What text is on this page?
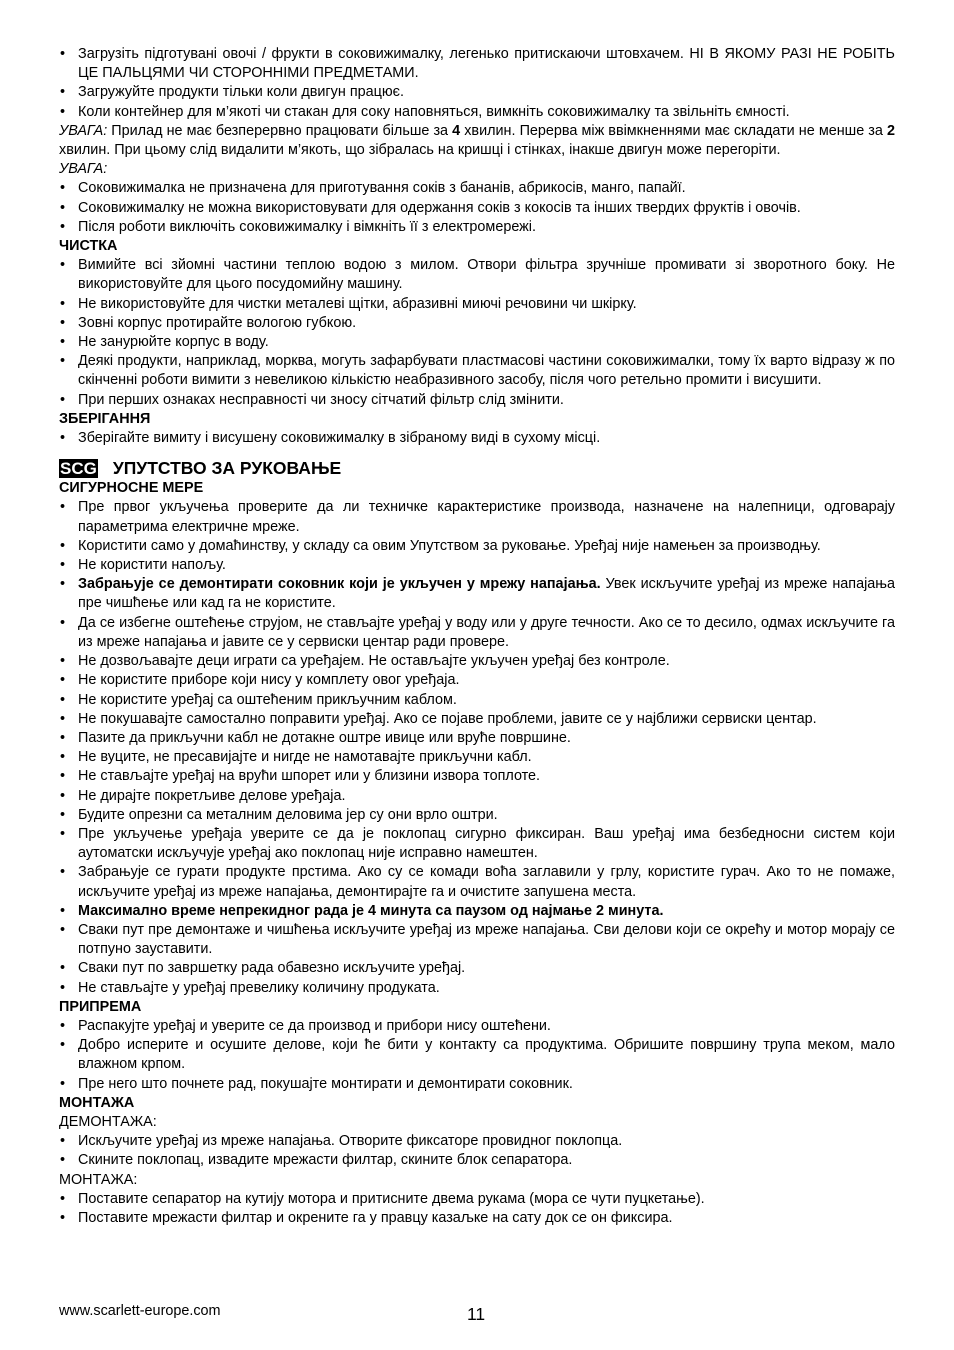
• Загрузіть підготувані овочі / фрукти в соковижималку, легенько притискаючи штовхачем. НІ В ЯКОМУ РАЗІ НЕ РОБІТЬ ЦЕ ПАЛЬЦЯМИ ЧИ СТОРОННІМИ ПРЕДМЕТАМИ.
• Загружуйте продукти тільки коли двигун працює.
• Коли контейнер для м’якоті чи стакан для соку наповняться, вимкніть соковижималку та звільніть ємності.

УВАГА: Прилад не має безперервно працювати більше за 4 хвилин. Перерва між ввімкненнями має складати не менше за 2 хвилин. При цьому слід видалити м’якоть, що зібралась на кришці і стінках, інакше двигун може перегоріти.

УВАГА:

• Соковижималка не призначена для приготування соків з бананів, абрикосів, манго, папайї.
• Соковижималку не можна використовувати для одержання соків з кокосів та інших твердих фруктів і овочів.
• Після роботи виключіть соковижималку і вімкніть її з електромережі.

ЧИСТКА

• Вимийте всі зйомні частини теплою водою з милом. Отвори фільтра зручніше промивати зі зворотного боку. Не використовуйте для цього посудомийну машину.
• Не використовуйте для чистки металеві щітки, абразивні миючі речовини чи шкірку.
• Зовні корпус протирайте вологою губкою.
• Не занурюйте корпус в воду.
• Деякі продукти, наприклад, морква, могуть зафарбувати пластмасові частини соковижималки, тому їх варто відразу ж по скінченні роботи вимити з невеликою кількістю неабразивного засобу, після чого ретельно промити і висушити.
• При перших ознаках несправності чи зносу сітчатий фільтр слід змінити.

ЗБЕРІГАННЯ

• Зберігайте вимиту і висушену соковижималку в зібраному виді в сухому місці.
SCG УПУТСТВО ЗА РУКОВАЊЕ

СИГУРНОСНЕ МЕРЕ

• Пре првог укључења проверите да ли техничке карактеристике производа, назначене на налепници, одговарају параметрима електричне мреже.
• Користити само у домаћинству, у складу са овим Упутством за руковање. Уређај није намењен за производњу.
• Не користити напољу.
• Забрањује се демонтирати соковник који је укључен у мрежу напајања. Увек искључите уређај из мреже напајања пре чишћење или кад га не користите.
• Да се избегне оштећење струјом, не стављајте уређај у воду или у друге течности. Ако се то десило, одмах искључите га из мреже напајања и јавите се у сервиски центар ради провере.
• Не дозвољавајте деци играти са уређајем. Не остављајте укључен уређај без контроле.
• Не користите приборе који нису у комплету овог уређаја.
• Не користите уређај са оштећеним прикључним каблом.
• Не покушавајте самостално поправити уређај. Ако се појаве проблеми, јавите се у најближи сервиски центар.
• Пазите да прикључни кабл не дотакне оштре ивице или вруће површине.
• Не вуците, не пресавијајте и нигде не намотавајте прикључни кабл.
• Не стављајте уређај на врући шпорет или у близини извора топлоте.
• Не дирајте покретљиве делове уређаја.
• Будите опрезни са металним деловима јер су они врло оштри.
• Пре укључење уређаја уверите се да је поклопац сигурно фиксиран. Ваш уређај има безбедносни систем који аутоматски искључује уређај ако поклопац није исправно намештен.
• Забрањује се гурати продукте прстима. Ако су се комади воћа заглавили у грлу, користите гурач. Ако то не помаже, искључите уређај из мреже напајања, демонтирајте га и очистите запушена места.
• Максимално време непрекидног рада је 4 минута са паузом од најмање 2 минута.
• Сваки пут пре демонтаже и чишћења искључите уређај из мреже напајања. Сви делови који се окрећу и мотор морају се потпуно зауставити.
• Сваки пут по завршетку рада обавезно искључите уређај.
• Не стављајте у уређај превелику количину продуката.

ПРИПРЕМА

• Распакујте уређај и уверите се да производ и прибори нису оштећени.
• Добро исперите и осушите делове, који ће бити у контакту са продуктима. Обришите површину трупа меком, мало влажном крпом.
• Пре него што почнете рад, покушајте монтирати и демонтирати соковник.

МОНТАЖА

ДЕМОНТАЖА:

• Искључите уређај из мреже напајања. Отворите фиксаторе провидног поклопца.
• Скините поклопац, извадите мрежасти филтар, скините блок сепаратора.

МОНТАЖА:

• Поставите сепаратор на кутију мотора и притисните двема рукама (мора се чути пуцкетање).
• Поставите мрежасти филтар и окрените га у правцу казаљке на сату док се он фиксира.
www.scarlett-europe.com	11
